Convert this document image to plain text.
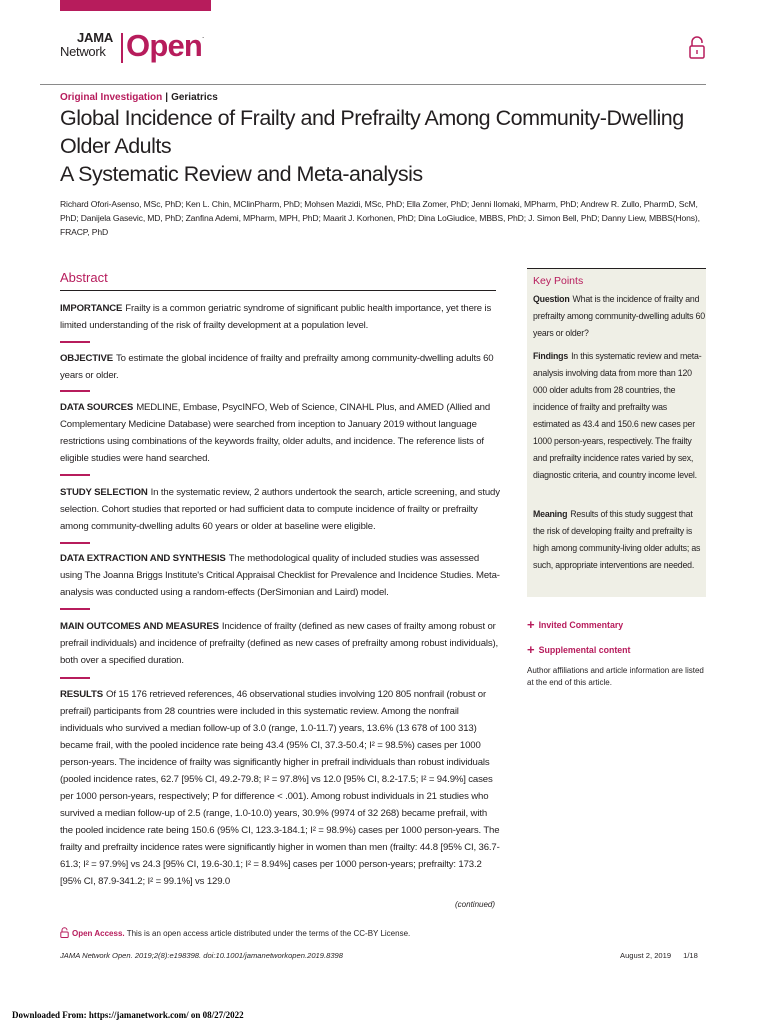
JAMA
Network Open.
Original Investigation | Geriatrics
Global Incidence of Frailty and Prefrailty Among Community-Dwelling Older Adults
A Systematic Review and Meta-analysis
Richard Ofori-Asenso, MSc, PhD; Ken L. Chin, MClinPharm, PhD; Mohsen Mazidi, MSc, PhD; Ella Zomer, PhD; Jenni Ilomaki, MPharm, PhD; Andrew R. Zullo, PharmD, ScM, PhD; Danijela Gasevic, MD, PhD; Zanfina Ademi, MPharm, MPH, PhD; Maarit J. Korhonen, PhD; Dina LoGiudice, MBBS, PhD; J. Simon Bell, PhD; Danny Liew, MBBS(Hons), FRACP, PhD
Abstract
IMPORTANCE Frailty is a common geriatric syndrome of significant public health importance, yet there is limited understanding of the risk of frailty development at a population level.
OBJECTIVE To estimate the global incidence of frailty and prefrailty among community-dwelling adults 60 years or older.
DATA SOURCES MEDLINE, Embase, PsycINFO, Web of Science, CINAHL Plus, and AMED (Allied and Complementary Medicine Database) were searched from inception to January 2019 without language restrictions using combinations of the keywords frailty, older adults, and incidence. The reference lists of eligible studies were hand searched.
STUDY SELECTION In the systematic review, 2 authors undertook the search, article screening, and study selection. Cohort studies that reported or had sufficient data to compute incidence of frailty or prefrailty among community-dwelling adults 60 years or older at baseline were eligible.
DATA EXTRACTION AND SYNTHESIS The methodological quality of included studies was assessed using The Joanna Briggs Institute's Critical Appraisal Checklist for Prevalence and Incidence Studies. Meta-analysis was conducted using a random-effects (DerSimonian and Laird) model.
MAIN OUTCOMES AND MEASURES Incidence of frailty (defined as new cases of frailty among robust or prefrail individuals) and incidence of prefrailty (defined as new cases of prefrailty among robust individuals), both over a specified duration.
RESULTS Of 15 176 retrieved references, 46 observational studies involving 120 805 nonfrail (robust or prefrail) participants from 28 countries were included in this systematic review. Among the nonfrail individuals who survived a median follow-up of 3.0 (range, 1.0-11.7) years, 13.6% (13 678 of 100 313) became frail, with the pooled incidence rate being 43.4 (95% CI, 37.3-50.4; I² = 98.5%) cases per 1000 person-years. The incidence of frailty was significantly higher in prefrail individuals than robust individuals (pooled incidence rates, 62.7 [95% CI, 49.2-79.8; I² = 97.8%] vs 12.0 [95% CI, 8.2-17.5; I² = 94.9%] cases per 1000 person-years, respectively; P for difference < .001). Among robust individuals in 21 studies who survived a median follow-up of 2.5 (range, 1.0-10.0) years, 30.9% (9974 of 32 268) became prefrail, with the pooled incidence rate being 150.6 (95% CI, 123.3-184.1; I² = 98.9%) cases per 1000 person-years. The frailty and prefrailty incidence rates were significantly higher in women than men (frailty: 44.8 [95% CI, 36.7-61.3; I² = 97.9%] vs 24.3 [95% CI, 19.6-30.1; I² = 8.94%] cases per 1000 person-years; prefrailty: 173.2 [95% CI, 87.9-341.2; I² = 99.1%] vs 129.0
(continued)
Key Points
Question What is the incidence of frailty and prefrailty among community-dwelling adults 60 years or older?
Findings In this systematic review and meta-analysis involving data from more than 120 000 older adults from 28 countries, the incidence of frailty and prefrailty was estimated as 43.4 and 150.6 new cases per 1000 person-years, respectively. The frailty and prefrailty incidence rates varied by sex, diagnostic criteria, and country income level.
Meaning Results of this study suggest that the risk of developing frailty and prefrailty is high among community-living older adults; as such, appropriate interventions are needed.
+ Invited Commentary
+ Supplemental content
Author affiliations and article information are listed at the end of this article.
Open Access. This is an open access article distributed under the terms of the CC-BY License.
JAMA Network Open. 2019;2(8):e198398. doi:10.1001/jamanetworkopen.2019.8398	August 2, 2019 1/18
Downloaded From: https://jamanetwork.com/ on 08/27/2022
